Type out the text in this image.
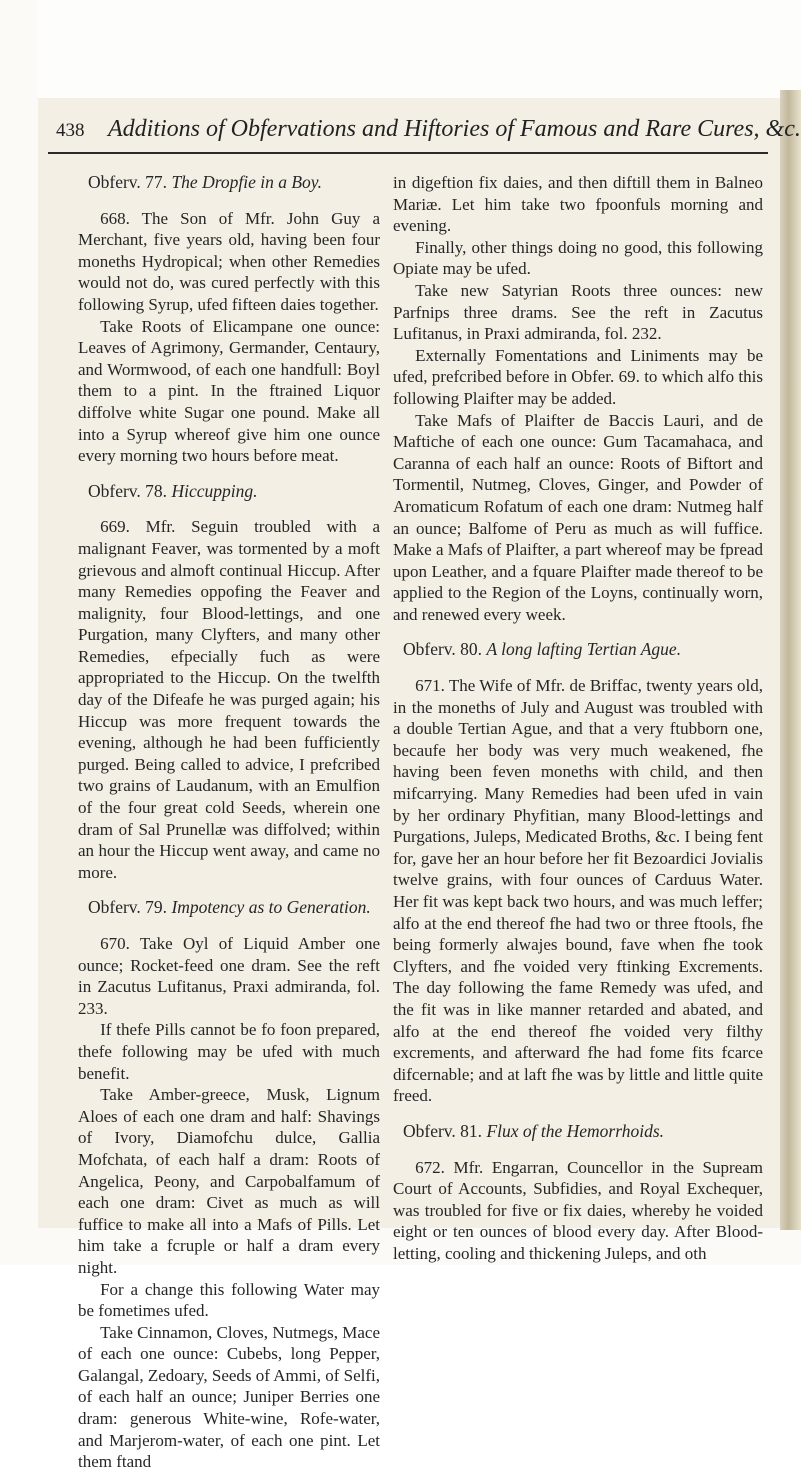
438 Additions of Obfervations and Hiftories of Famous and Rare Cures, &c.

Obferv. 77. The Dropfie in a Boy.

668. The Son of Mfr. John Guy a Merchant, five years old, having been four moneths Hydropical; when other Remedies would not do, was cured perfectly with this following Syrup, ufed fifteen daies together.

Take Roots of Elicampane one ounce: Leaves of Agrimony, Germander, Centaury, and Wormwood, of each one handfull: Boyl them to a pint. In the ftrained Liquor diffolve white Sugar one pound. Make all into a Syrup whereof give him one ounce every morning two hours before meat.

Obferv. 78. Hiccupping.

669. Mfr. Seguin troubled with a malignant Feaver, was tormented by a moft grievous and almoft continual Hiccup. After many Remedies oppofing the Feaver and malignity, four Blood-lettings, and one Purgation, many Clyfters, and many other Remedies, efpecially fuch as were appropriated to the Hiccup. On the twelfth day of the Difeafe he was purged again; his Hiccup was more frequent towards the evening, although he had been fufficiently purged. Being called to advice, I prefcribed two grains of Laudanum, with an Emulfion of the four great cold Seeds, wherein one dram of Sal Prunellæ was diffolved; within an hour the Hiccup went away, and came no more.

Obferv. 79. Impotency as to Generation.

670. Take Oyl of Liquid Amber one ounce; Rocket-feed one dram. See the reft in Zacutus Lufitanus, Praxi admiranda, fol. 233.

If thefe Pills cannot be fo foon prepared, thefe following may be ufed with much benefit.

Take Amber-greece, Musk, Lignum Aloes of each one dram and half: Shavings of Ivory, Diamofchu dulce, Gallia Mofchata, of each half a dram: Roots of Angelica, Peony, and Carpobalfamum of each one dram: Civet as much as will fuffice to make all into a Mafs of Pills. Let him take a fcruple or half a dram every night.

For a change this following Water may be fometimes ufed.

Take Cinnamon, Cloves, Nutmegs, Mace of each one ounce: Cubebs, long Pepper, Galangal, Zedoary, Seeds of Ammi, of Selfi, of each half an ounce; Juniper Berries one dram: generous White-wine, Rofe-water, and Marjerom-water, of each one pint. Let them ftand

in digeftion fix daies, and then diftill them in Balneo Mariæ. Let him take two fpoonfuls morning and evening.

Finally, other things doing no good, this following Opiate may be ufed.

Take new Satyrian Roots three ounces: new Parfnips three drams. See the reft in Zacutus Lufitanus, in Praxi admiranda, fol. 232.

Externally Fomentations and Liniments may be ufed, prefcribed before in Obfer. 69. to which alfo this following Plaifter may be added.

Take Mafs of Plaifter de Baccis Lauri, and de Maftiche of each one ounce: Gum Tacamahaca, and Caranna of each half an ounce: Roots of Biftort and Tormentil, Nutmeg, Cloves, Ginger, and Powder of Aromaticum Rofatum of each one dram: Nutmeg half an ounce; Balfome of Peru as much as will fuffice. Make a Mafs of Plaifter, a part whereof may be fpread upon Leather, and a fquare Plaifter made thereof to be applied to the Region of the Loyns, continually worn, and renewed every week.

Obferv. 80. A long lafting Tertian Ague.

671. The Wife of Mfr. de Briffac, twenty years old, in the moneths of July and August was troubled with a double Tertian Ague, and that a very ftubborn one, becaufe her body was very much weakened, fhe having been feven moneths with child, and then mifcarrying. Many Remedies had been ufed in vain by her ordinary Phyfitian, many Blood-lettings and Purgations, Juleps, Medicated Broths, &c. I being fent for, gave her an hour before her fit Bezoardici Jovialis twelve grains, with four ounces of Carduus Water. Her fit was kept back two hours, and was much leffer; alfo at the end thereof fhe had two or three ftools, fhe being formerly alwajes bound, fave when fhe took Clyfters, and fhe voided very ftinking Excrements. The day following the fame Remedy was ufed, and the fit was in like manner retarded and abated, and alfo at the end thereof fhe voided very filthy excrements, and afterward fhe had fome fits fcarce difcernable; and at laft fhe was by little and little quite freed.

Obferv. 81. Flux of the Hemorrhoids.

672. Mfr. Engarran, Councellor in the Supream Court of Accounts, Subfidies, and Royal Exchequer, was troubled for five or fix daies, whereby he voided eight or ten ounces of blood every day. After Blood-letting, cooling and thickening Juleps, and oth
